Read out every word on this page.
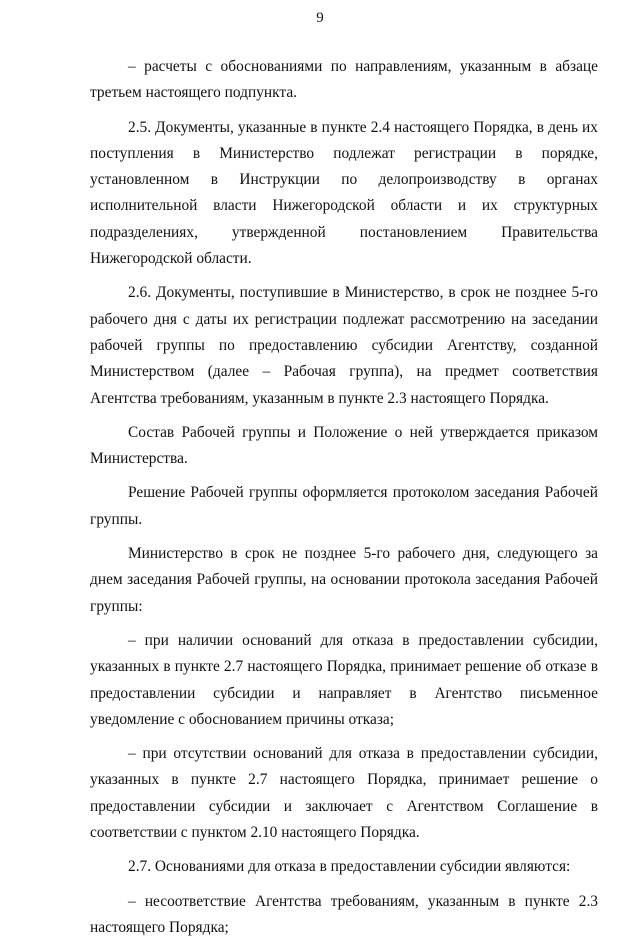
9

– расчеты с обоснованиями по направлениям, указанным в абзаце третьем настоящего подпункта.

2.5. Документы, указанные в пункте 2.4 настоящего Порядка, в день их поступления в Министерство подлежат регистрации в порядке, установленном в Инструкции по делопроизводству в органах исполнительной власти Нижегородской области и их структурных подразделениях, утвержденной постановлением Правительства Нижегородской области.

2.6. Документы, поступившие в Министерство, в срок не позднее 5-го рабочего дня с даты их регистрации подлежат рассмотрению на заседании рабочей группы по предоставлению субсидии Агентству, созданной Министерством (далее – Рабочая группа), на предмет соответствия Агентства требованиям, указанным в пункте 2.3 настоящего Порядка.

Состав Рабочей группы и Положение о ней утверждается приказом Министерства.

Решение Рабочей группы оформляется протоколом заседания Рабочей группы.

Министерство в срок не позднее 5-го рабочего дня, следующего за днем заседания Рабочей группы, на основании протокола заседания Рабочей группы:

– при наличии оснований для отказа в предоставлении субсидии, указанных в пункте 2.7 настоящего Порядка, принимает решение об отказе в предоставлении субсидии и направляет в Агентство письменное уведомление с обоснованием причины отказа;

– при отсутствии оснований для отказа в предоставлении субсидии, указанных в пункте 2.7 настоящего Порядка, принимает решение о предоставлении субсидии и заключает с Агентством Соглашение в соответствии с пунктом 2.10 настоящего Порядка.

2.7. Основаниями для отказа в предоставлении субсидии являются:

– несоответствие Агентства требованиям, указанным в пункте 2.3 настоящего Порядка;
